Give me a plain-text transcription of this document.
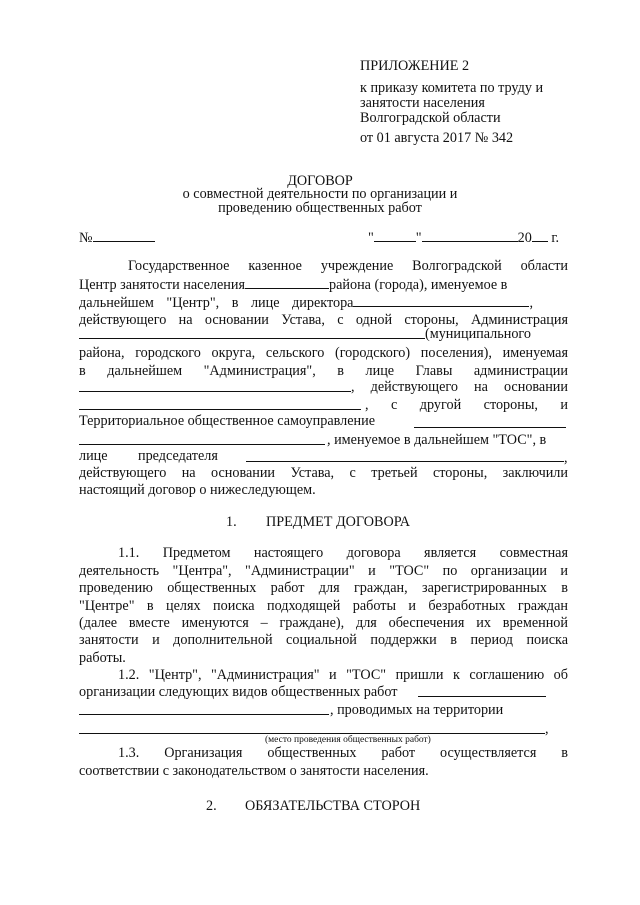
ПРИЛОЖЕНИЕ 2
к приказу комитета по труду и
занятости населения
Волгоградской области
от 01 августа 2017 № 342
ДОГОВОР
о совместной деятельности по организации и
проведению общественных работ
№	"	"	20 г.
Государственное казенное учреждение Волгоградской области
Центр занятости населения	района (города), именуемое в
дальнейшем "Центр", в лице директора	,
действующего на основании Устава, с одной стороны, Администрация
(муниципального
района, городского округа, сельского (городского) поселения), именуемая
в дальнейшем "Администрация", в лице Главы администрации
, действующего на основании
, с другой стороны, и
Территориальное общественное самоуправление
, именуемое в дальнейшем "ТОС", в
лице председателя	,
действующего на основании Устава, с третьей стороны, заключили
настоящий договор о нижеследующем.
1. ПРЕДМЕТ ДОГОВОРА
1.1. Предметом настоящего договора является совместная
деятельность "Центра", "Администрации" и "ТОС" по организации и
проведению общественных работ для граждан, зарегистрированных в
"Центре" в целях поиска подходящей работы и безработных граждан
(далее вместе именуются – граждане), для обеспечения их временной
занятости и дополнительной социальной поддержки в период поиска
работы.
1.2. "Центр", "Администрация" и "ТОС" пришли к соглашению об
организации следующих видов общественных работ
, проводимых на территории
,
(место проведения общественных работ)
1.3. Организация общественных работ осуществляется в
соответствии с законодательством о занятости населения.
2. ОБЯЗАТЕЛЬСТВА СТОРОН
